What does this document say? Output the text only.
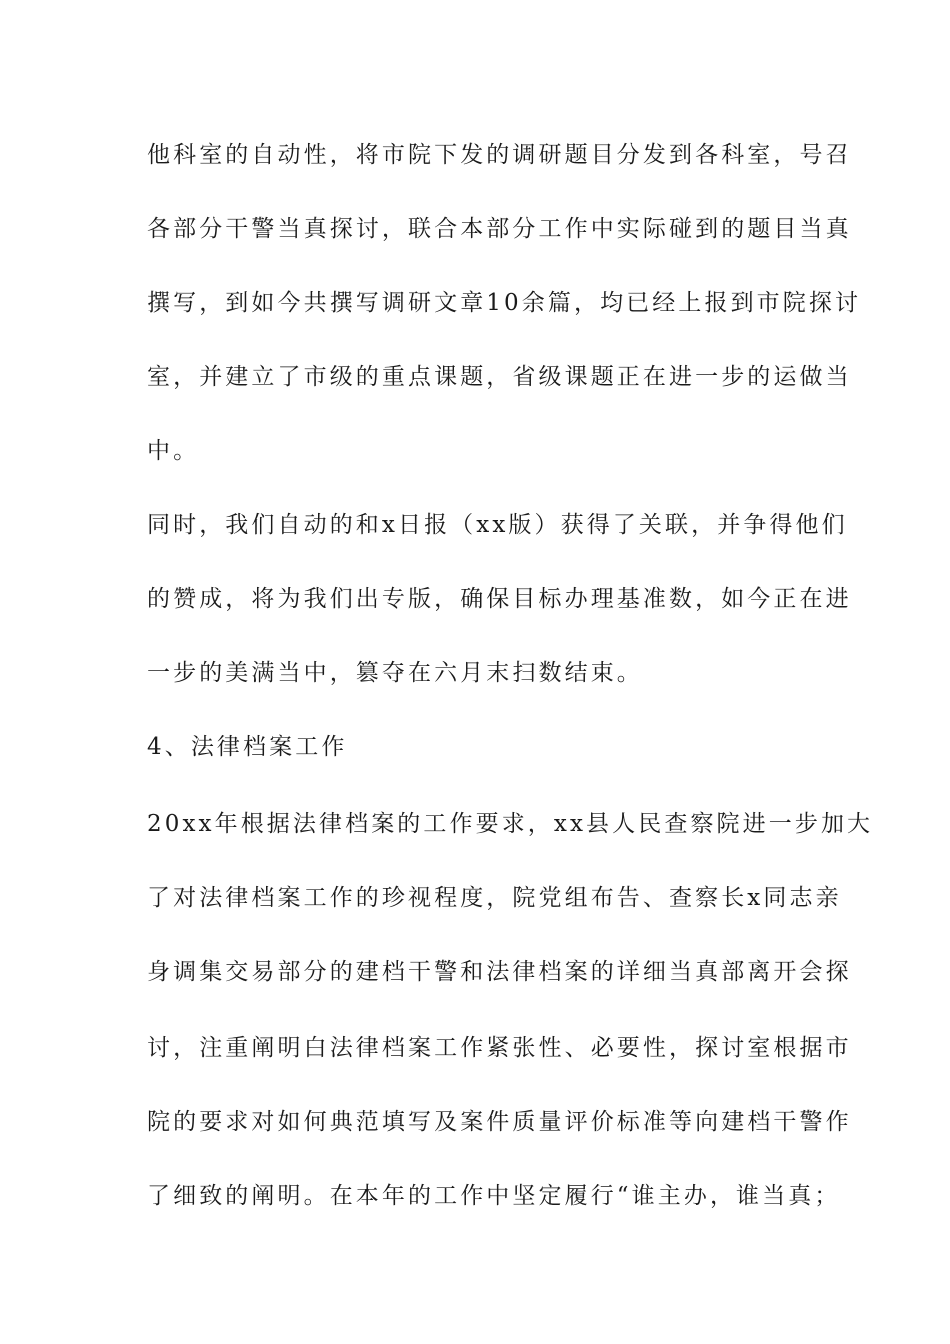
他科室的自动性，将市院下发的调研题目分发到各科室，号召
各部分干警当真探讨，联合本部分工作中实际碰到的题目当真
撰写，到如今共撰写调研文章10余篇，均已经上报到市院探讨
室，并建立了市级的重点课题，省级课题正在进一步的运做当
中。
同时，我们自动的和x日报（xx版）获得了关联，并争得他们
的赞成，将为我们出专版，确保目标办理基准数，如今正在进
一步的美满当中，篡夺在六月末扫数结束。
4、法律档案工作
20xx年根据法律档案的工作要求，xx县人民查察院进一步加大
了对法律档案工作的珍视程度，院党组布告、查察长x同志亲
身调集交易部分的建档干警和法律档案的详细当真部离开会探
讨，注重阐明白法律档案工作紧张性、必要性，探讨室根据市
院的要求对如何典范填写及案件质量评价标准等向建档干警作
了细致的阐明。在本年的工作中坚定履行“谁主办，谁当真；
